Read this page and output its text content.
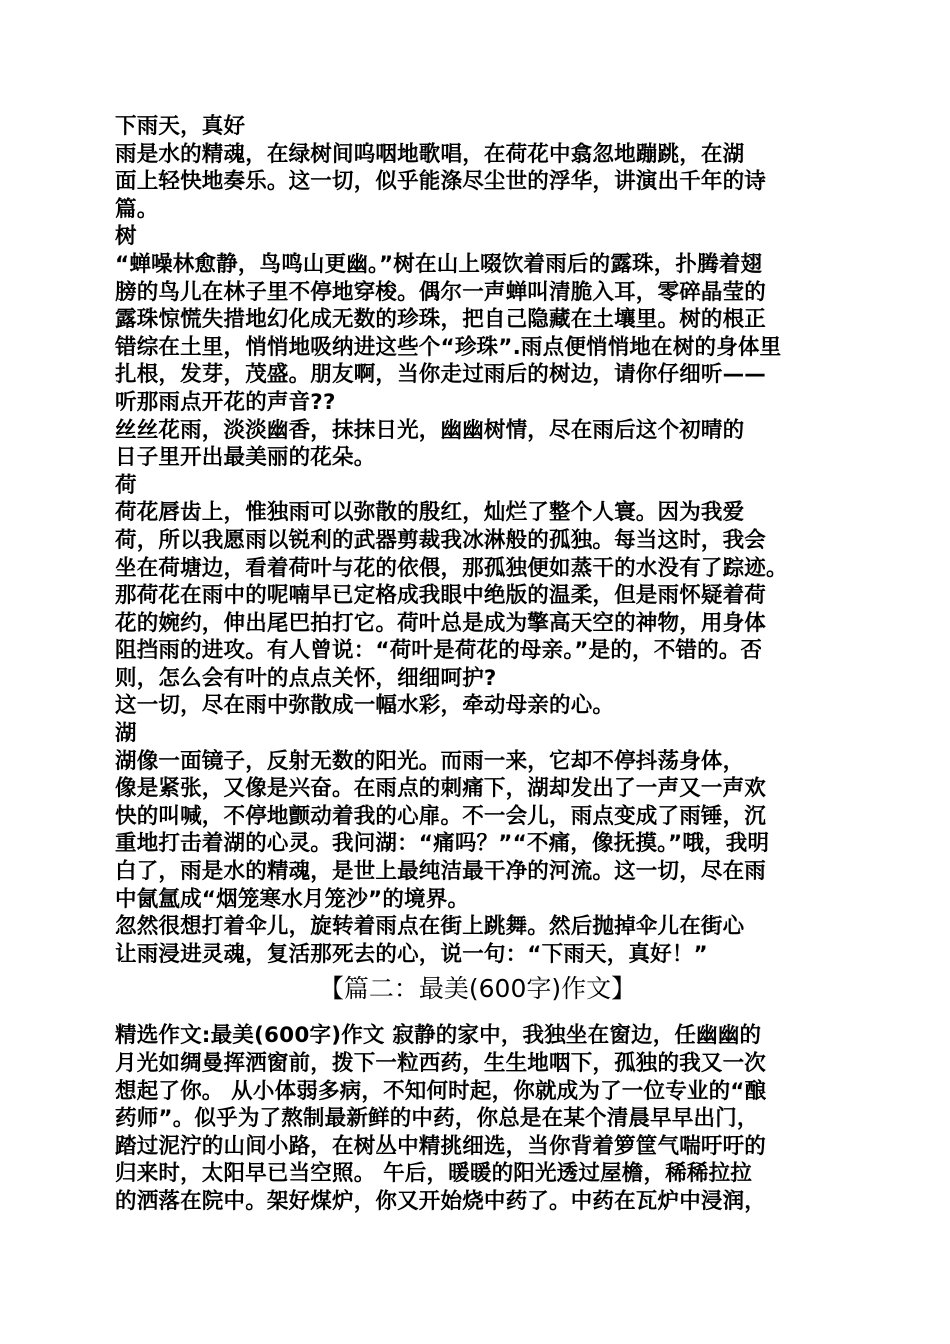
下雨天，真好
雨是水的精魂，在绿树间呜咽地歌唱，在荷花中翕忽地蹦跳，在湖
面上轻快地奏乐。这一切，似乎能涤尽尘世的浮华，讲演出千年的诗
篇。
树
“蝉噪林愈静，鸟鸣山更幽。”树在山上啜饮着雨后的露珠，扑腾着翅
膀的鸟儿在林子里不停地穿梭。偶尔一声蝉叫清脆入耳，零碎晶莹的
露珠惊慌失措地幻化成无数的珍珠，把自己隐藏在土壤里。树的根正
错综在土里，悄悄地吸纳进这些个“珍珠”.雨点便悄悄地在树的身体里
扎根，发芽，茂盛。朋友啊，当你走过雨后的树边，请你仔细听——
听那雨点开花的声音??
丝丝花雨，淡淡幽香，抹抹日光，幽幽树情，尽在雨后这个初晴的
日子里开出最美丽的花朵。
荷
荷花唇齿上，惟独雨可以弥散的殷红，灿烂了整个人寰。因为我爱
荷，所以我愿雨以锐利的武器剪裁我冰淋般的孤独。每当这时，我会
坐在荷塘边，看着荷叶与花的依偎，那孤独便如蒸干的水没有了踪迹。
那荷花在雨中的呢喃早已定格成我眼中绝版的温柔，但是雨怀疑着荷
花的婉约，伸出尾巴拍打它。荷叶总是成为擎高天空的神物，用身体
阻挡雨的进攻。有人曾说：“荷叶是荷花的母亲。”是的，不错的。否
则，怎么会有叶的点点关怀，细细呵护?
这一切，尽在雨中弥散成一幅水彩，牵动母亲的心。
湖
湖像一面镜子，反射无数的阳光。而雨一来，它却不停抖荡身体，
像是紧张，又像是兴奋。在雨点的刺痛下，湖却发出了一声又一声欢
快的叫喊，不停地颤动着我的心扉。不一会儿，雨点变成了雨锤，沉
重地打击着湖的心灵。我问湖：“痛吗？”“不痛，像抚摸。”哦，我明
白了，雨是水的精魂，是世上最纯洁最干净的河流。这一切，尽在雨
中氤氲成“烟笼寒水月笼沙”的境界。
忽然很想打着伞儿，旋转着雨点在街上跳舞。然后抛掉伞儿在街心
让雨浸进灵魂，复活那死去的心，说一句：“下雨天，真好！”
【篇二：最美(600字)作文】
精选作文:最美(600字)作文 寂静的家中，我独坐在窗边，任幽幽的
月光如绸曼挥洒窗前，拨下一粒西药，生生地咽下，孤独的我又一次
想起了你。 从小体弱多病，不知何时起，你就成为了一位专业的“酿
药师”。似乎为了熬制最新鲜的中药，你总是在某个清晨早早出门，
踏过泥泞的山间小路，在树丛中精挑细选，当你背着箩筐气喘吁吁的
归来时，太阳早已当空照。 午后，暖暖的阳光透过屋檐，稀稀拉拉
的洒落在院中。架好煤炉，你又开始烧中药了。中药在瓦炉中浸润，
